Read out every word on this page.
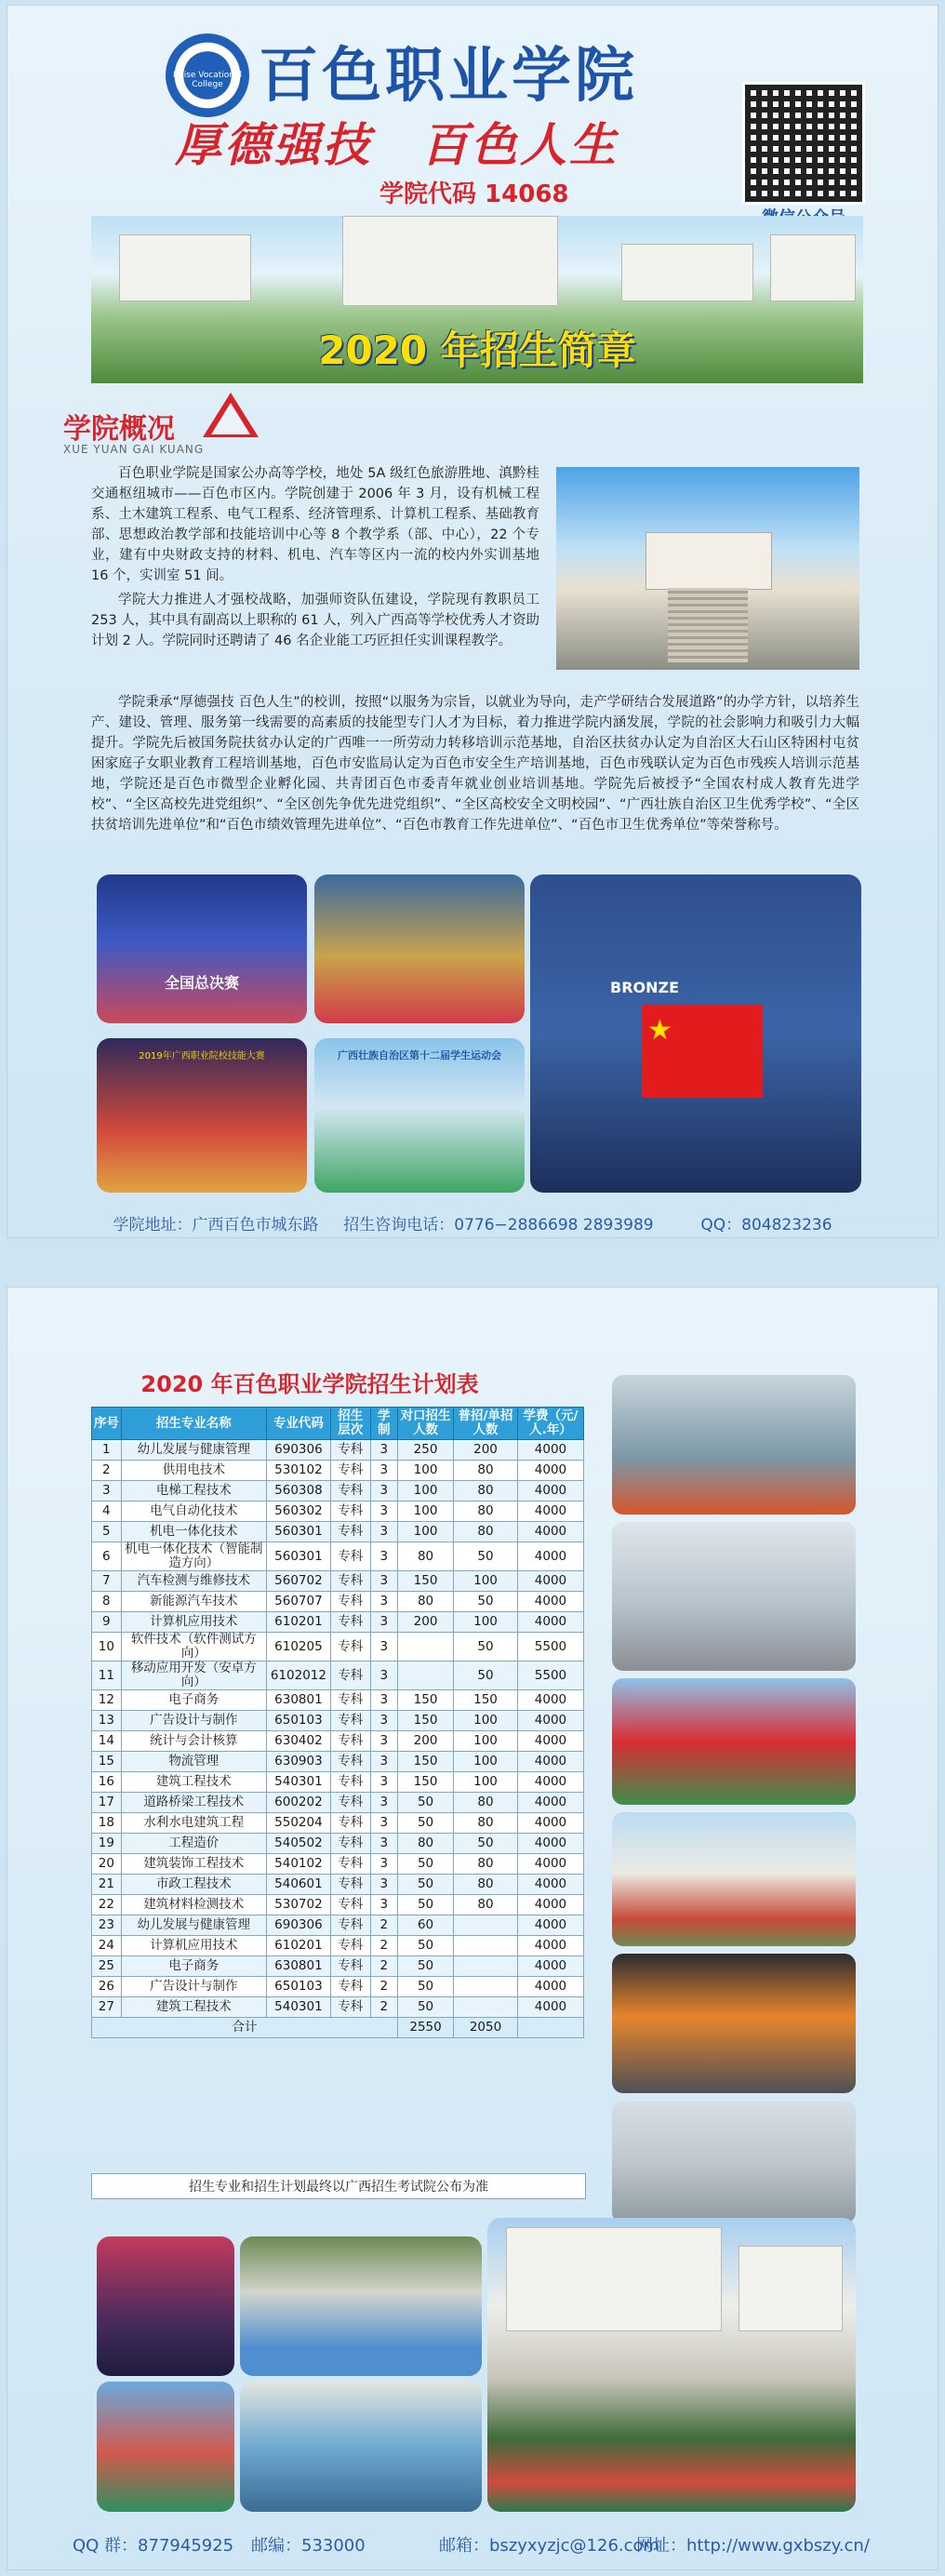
Baise Vocational College 百色职业学院
厚德强技　百色人生
学院代码 14068
2020 年招生简章
学院概况
XUE YUAN GAI KUANG

百色职业学院是国家公办高等学校，地处 5A 级红色旅游胜地、滇黔桂交通枢纽城市——百色市区内。学院创建于 2006 年 3 月，设有机械工程系、土木建筑工程系、电气工程系、经济管理系、计算机工程系、基础教育部、思想政治教学部和技能培训中心等 8 个教学系（部、中心），22 个专业，建有中央财政支持的材料、机电、汽车等区内一流的校内外实训基地 16 个，实训室 51 间。

学院大力推进人才强校战略，加强师资队伍建设，学院现有教职员工 253 人，其中具有副高以上职称的 61 人，列入广西高等学校优秀人才资助计划 2 人。学院同时还聘请了 46 名企业能工巧匠担任实训课程教学。

学院秉承“厚德强技 百色人生”的校训，按照“以服务为宗旨，以就业为导向，走产学研结合发展道路”的办学方针，以培养生产、建设、管理、服务第一线需要的高素质的技能型专门人才为目标，着力推进学院内涵发展，学院的社会影响力和吸引力大幅提升。学院先后被国务院扶贫办认定的广西唯一一所劳动力转移培训示范基地，自治区扶贫办认定为自治区大石山区特困村屯贫困家庭子女职业教育工程培训基地，百色市安监局认定为百色市安全生产培训基地，百色市残联认定为百色市残疾人培训示范基地，学院还是百色市微型企业孵化园、共青团百色市委青年就业创业培训基地。学院先后被授予“全国农村成人教育先进学校”、“全区高校先进党组织”、“全区创先争优先进党组织”、“全区高校安全文明校园”、“广西壮族自治区卫生优秀学校”、“全区扶贫培训先进单位”和“百色市绩效管理先进单位”、“百色市教育工作先进单位”、“百色市卫生优秀单位”等荣誉称号。

全国总决赛	BRONZE
★
2019年广西职业院校技能大赛	广西壮族自治区第十二届学生运动会
学院地址：广西百色市城东路 招生咨询电话：0776−2886698 2893989	QQ：804823236
2020 年百色职业学院招生计划表
序号	招生专业名称	专业代码	招生层次	学制	对口招生人数	普招/单招人数	学费（元/人.年）
1	幼儿发展与健康管理	690306	专科	3	250	200	4000
2	供用电技术	530102	专科	3	100	80	4000
3	电梯工程技术	560308	专科	3	100	80	4000
4	电气自动化技术	560302	专科	3	100	80	4000
5	机电一体化技术	560301	专科	3	100	80	4000
6	机电一体化技术（智能制造方向）	560301	专科	3	80	50	4000
7	汽车检测与维修技术	560702	专科	3	150	100	4000
8	新能源汽车技术	560707	专科	3	80	50	4000
9	计算机应用技术	610201	专科	3	200	100	4000
10	软件技术（软件测试方向）	610205	专科	3		50	5500
11	移动应用开发（安卓方向）	6102012	专科	3		50	5500
12	电子商务	630801	专科	3	150	150	4000
13	广告设计与制作	650103	专科	3	150	100	4000
14	统计与会计核算	630402	专科	3	200	100	4000
15	物流管理	630903	专科	3	150	100	4000
16	建筑工程技术	540301	专科	3	150	100	4000
17	道路桥梁工程技术	600202	专科	3	50	80	4000
18	水利水电建筑工程	550204	专科	3	50	80	4000
19	工程造价	540502	专科	3	80	50	4000
20	建筑装饰工程技术	540102	专科	3	50	80	4000
21	市政工程技术	540601	专科	3	50	80	4000
22	建筑材料检测技术	530702	专科	3	50	80	4000
23	幼儿发展与健康管理	690306	专科	2	60		4000
24	计算机应用技术	610201	专科	2	50		4000
25	电子商务	630801	专科	2	50		4000
26	广告设计与制作	650103	专科	2	50		4000
27	建筑工程技术	540301	专科	2	50		4000
合计					2550	2050	
招生专业和招生计划最终以广西招生考试院公布为准
QQ 群：877945925 邮编：533000	邮箱：bszyxyzjc@126.com
网址：http://www.gxbszy.cn/
